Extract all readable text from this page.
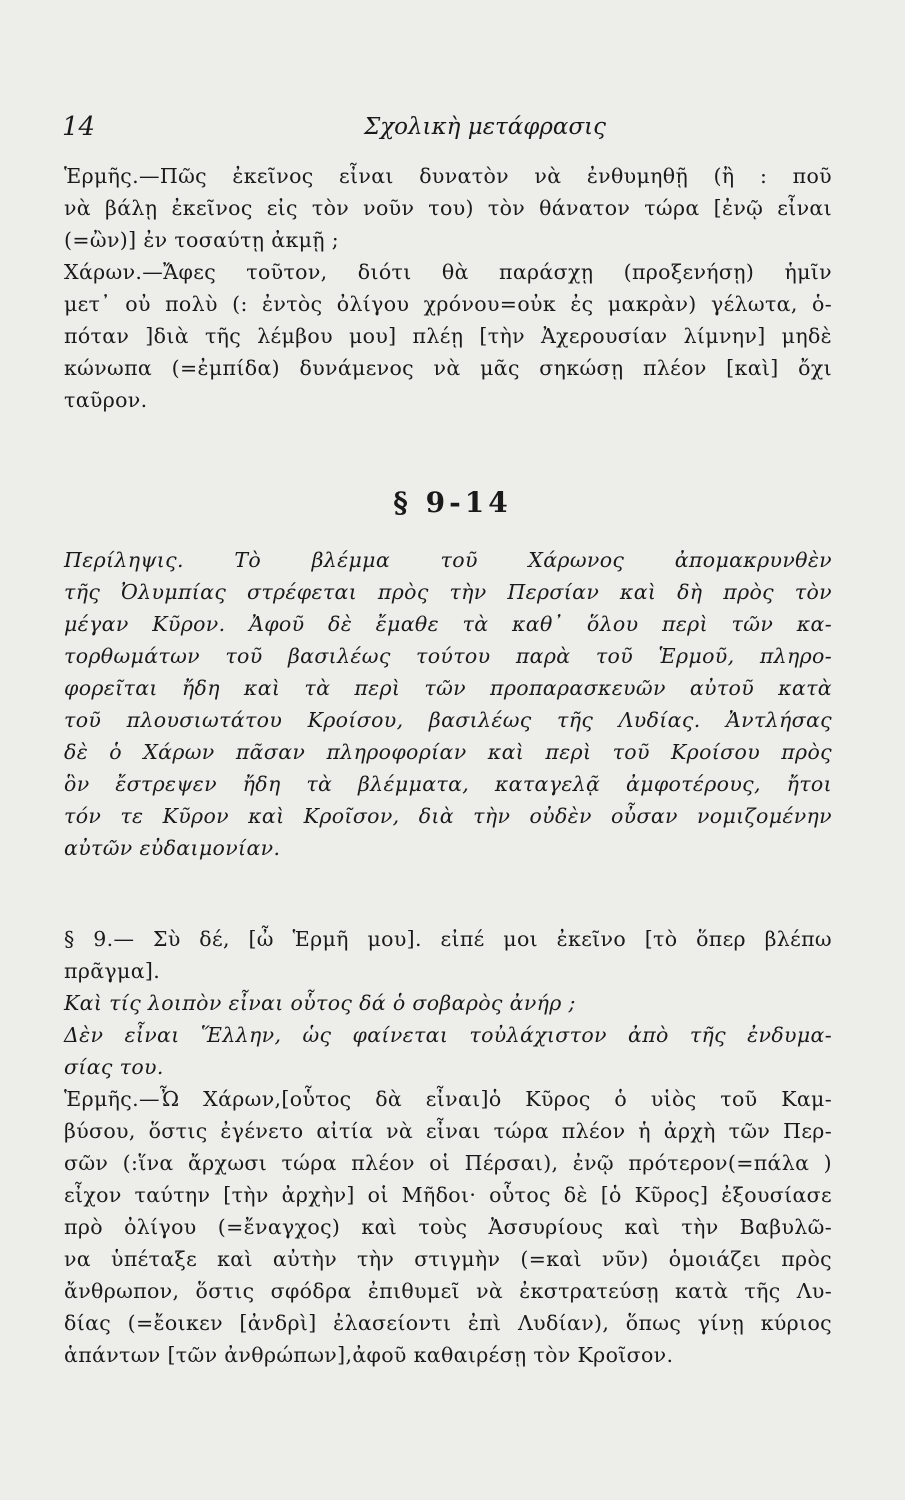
14	Σχολικὴ μετάφρασις
Ἑρμῆς.—Πῶς ἐκεῖνος εἶναι δυνατὸν νὰ ἐνθυμηθῇ (ἢ : ποῦ
νὰ βάλῃ ἐκεῖνος εἰς τὸν νοῦν του) τὸν θάνατον τώρα [ἐνῷ εἶναι
(=ὢν)] ἐν τοσαύτῃ ἀκμῇ ;
Χάρων.—Ἄφες τοῦτον, διότι θὰ παράσχῃ (προξενήσῃ) ἡμῖν
μετ᾽ οὐ πολὺ (: ἐντὸς ὀλίγου χρόνου=οὐκ ἐς μακρὰν) γέλωτα, ὁ-
πόταν ]διὰ τῆς λέμβου μου] πλέῃ [τὴν Ἀχερουσίαν λίμνην] μηδὲ
κώνωπα (=ἐμπίδα) δυνάμενος νὰ μᾶς σηκώσῃ πλέον [καὶ] ὄχι
ταῦρον.
§ 9-14
Περίληψις. Τὸ βλέμμα τοῦ Χάρωνος ἀπομακρυνθὲν
τῆς Ὀλυμπίας στρέφεται πρὸς τὴν Περσίαν καὶ δὴ πρὸς τὸν
μέγαν Κῦρον. Ἀφοῦ δὲ ἔμαθε τὰ καθ᾽ ὅλου περὶ τῶν κα-
τορθωμάτων τοῦ βασιλέως τούτου παρὰ τοῦ Ἑρμοῦ, πληρο-
φορεῖται ἤδη καὶ τὰ περὶ τῶν προπαρασκευῶν αὐτοῦ κατὰ
τοῦ πλουσιωτάτου Κροίσου, βασιλέως τῆς Λυδίας. Ἀντλήσας
δὲ ὁ Χάρων πᾶσαν πληροφορίαν καὶ περὶ τοῦ Κροίσου πρὸς
ὃν ἔστρεψεν ἤδη τὰ βλέμματα, καταγελᾷ ἀμφοτέρους, ἤτοι
τόν τε Κῦρον καὶ Κροῖσον, διὰ τὴν οὐδὲν οὖσαν νομιζομένην
αὐτῶν εὐδαιμονίαν.
§ 9.— Σὺ δέ, [ὦ Ἑρμῆ μου]. εἰπέ μοι ἐκεῖνο [τὸ ὅπερ βλέπω
πρᾶγμα].
Καὶ τίς λοιπὸν εἶναι οὗτος δά ὁ σοβαρὸς ἀνήρ ;
Δὲν εἶναι Ἕλλην, ὡς φαίνεται τοὐλάχιστον ἀπὸ τῆς ἐνδυμα-
σίας του.
Ἑρμῆς.—Ὦ Χάρων,[οὗτος δὰ εἶναι]ὁ Κῦρος ὁ υἱὸς τοῦ Καμ-
βύσου, ὅστις ἐγένετο αἰτία νὰ εἶναι τώρα πλέον ἡ ἀρχὴ τῶν Περ-
σῶν (:ἵνα ἄρχωσι τώρα πλέον οἱ Πέρσαι), ἐνῷ πρότερον(=πάλα )
εἶχον ταύτην [τὴν ἀρχὴν] οἱ Μῆδοι· οὗτος δὲ [ὁ Κῦρος] ἐξουσίασε
πρὸ ὀλίγου (=ἔναγχος) καὶ τοὺς Ἀσσυρίους καὶ τὴν Βαβυλῶ-
να ὑπέταξε καὶ αὐτὴν τὴν στιγμὴν (=καὶ νῦν) ὁμοιάζει πρὸς
ἄνθρωπον, ὅστις σφόδρα ἐπιθυμεῖ νὰ ἐκστρατεύσῃ κατὰ τῆς Λυ-
δίας (=ἔοικεν [ἀνδρὶ] ἐλασείοντι ἐπὶ Λυδίαν), ὅπως γίνῃ κύριος
ἁπάντων [τῶν ἀνθρώπων],ἀφοῦ καθαιρέσῃ τὸν Κροῖσον.
